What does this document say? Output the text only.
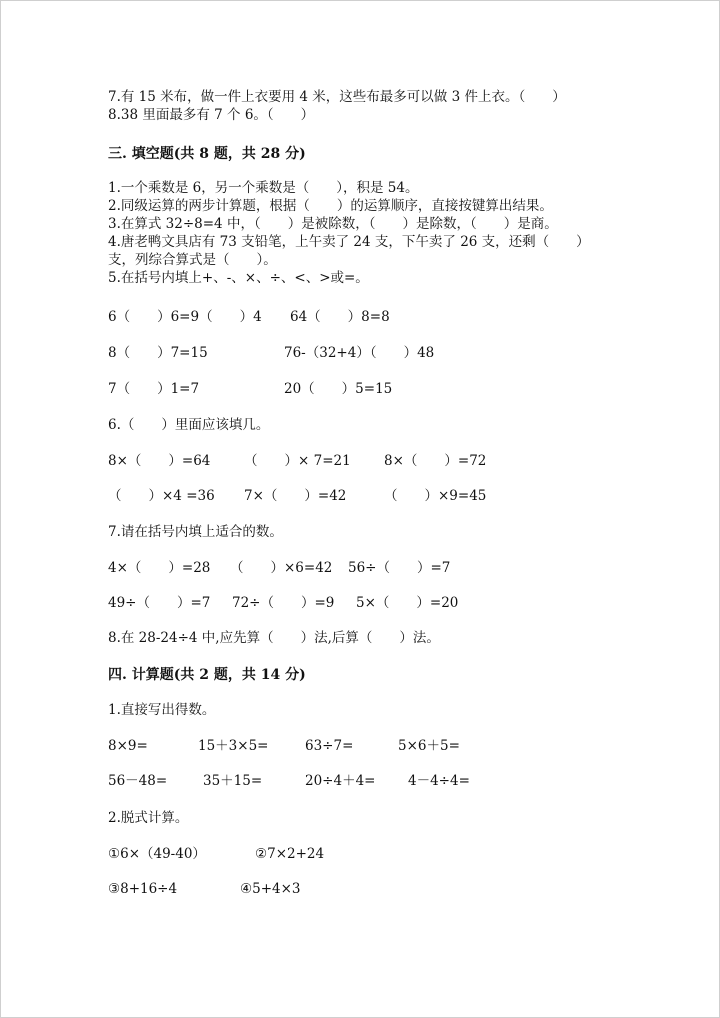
7.有 15 米布，做一件上衣要用 4 米，这些布最多可以做 3 件上衣。（　　）
8.38 里面最多有 7 个 6。（　　）
三. 填空题(共 8 题，共 28 分)
1.一个乘数是 6，另一个乘数是（　　），积是 54。
2.同级运算的两步计算题，根据（　　）的运算顺序，直接按键算出结果。
3.在算式 32÷8=4 中，（　　）是被除数，（　　）是除数，（　　）是商。
4.唐老鸭文具店有 73 支铅笔，上午卖了 24 支，下午卖了 26 支，还剩（　　）
支，列综合算式是（　　）。
5.在括号内填上+、-、×、÷、<、>或=。
6（　　）6=9（　　）4 64（　　）8=8
8（　　）7=15	76-（32+4）（　　）48
7（　　）1=7	20（　　）5=15
6.（　　）里面应该填几。
8×（　　）=64 （　　）× 7=21 8×（　　）=72
（　　）×4 =36 7×（　　）=42	（　　）×9=45
7.请在括号内填上适合的数。
4×（　　）=28 （　　）×6=42 56÷（　　）=7
49÷（　　）=7 72÷（　　）=9 5×（　　）=20
8.在 28-24÷4 中,应先算（　　）法,后算（　　）法。
四. 计算题(共 2 题，共 14 分)
1.直接写出得数。
8×9=	15＋3×5=	63÷7=	5×6＋5=
56－48=	35＋15=	20÷4＋4= 4－4÷4=
2.脱式计算。
①6×（49-40）	②7×2+24
③8+16÷4	④5+4×3
